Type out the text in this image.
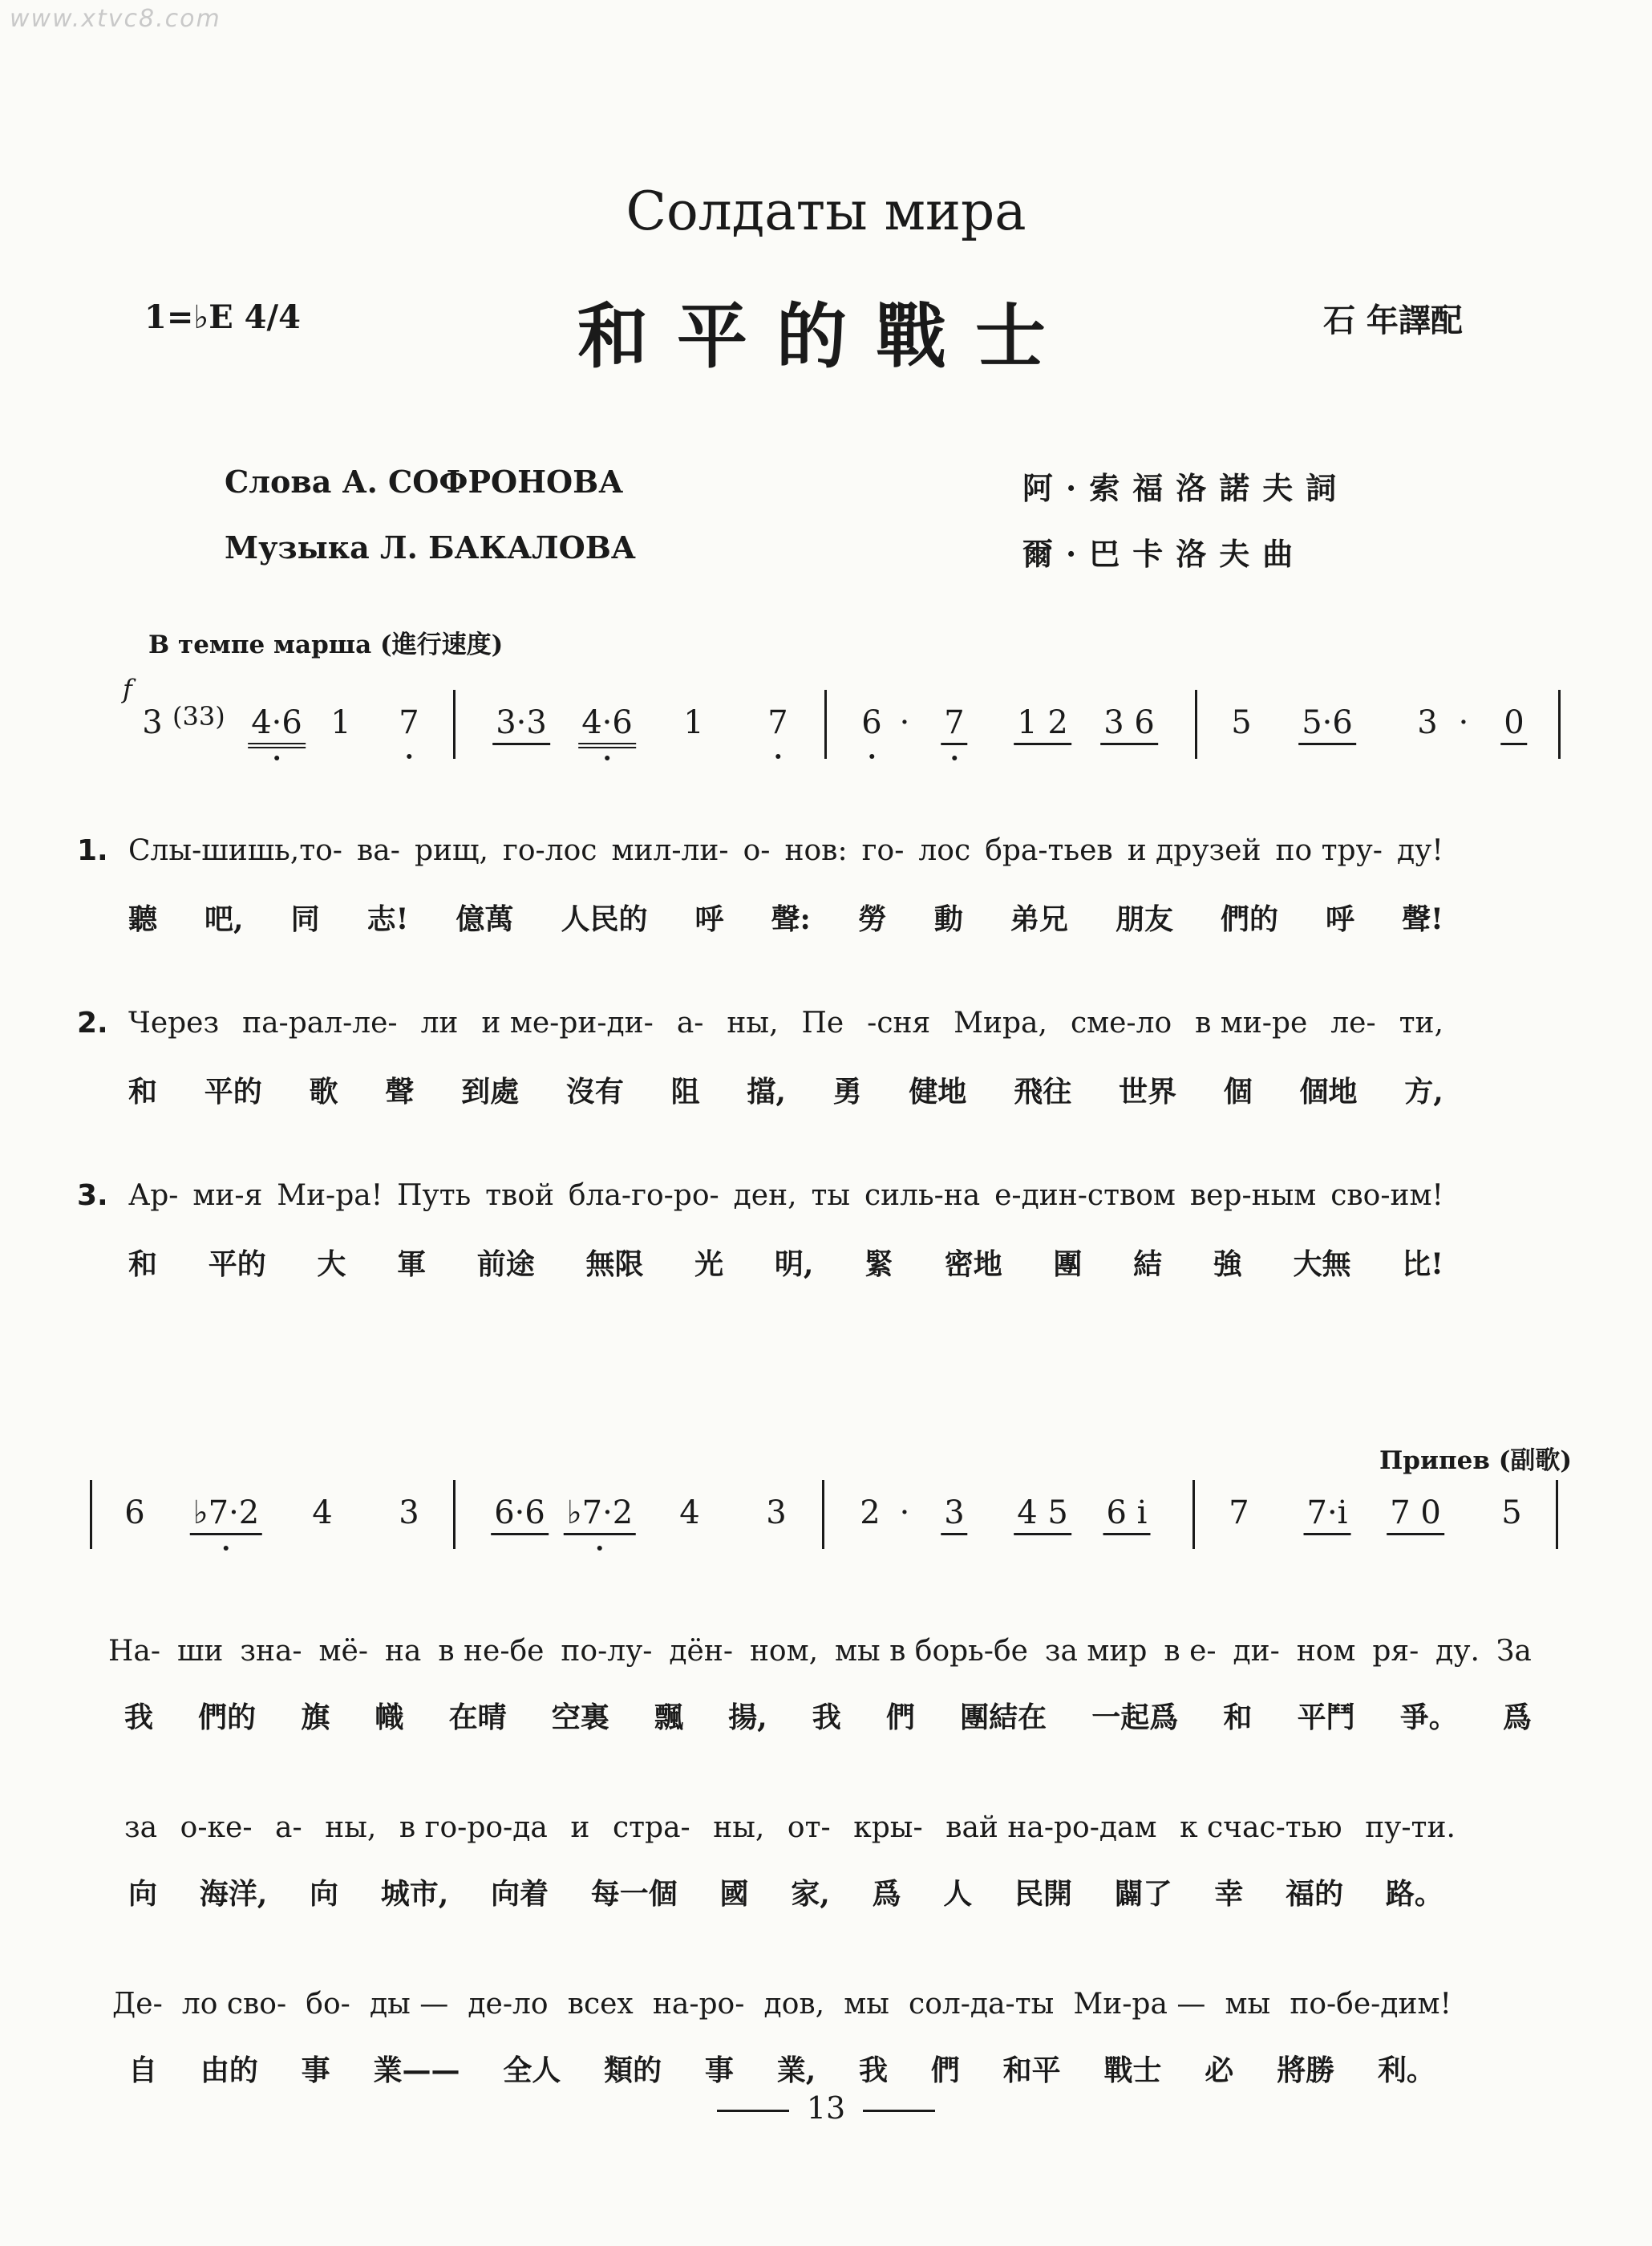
www.xtvc8.com
Солдаты мира
和平的戰士
1=♭E 4/4	石 年譯配
Слова А. СОФРОНОВА
Музыка Л. БАКАЛОВА
阿·索福洛諾夫詞
爾·巴卡洛夫曲
В темпе марша (進行速度)
f
3 (33) 4·6 1 7 3·3 4·6 1 7 6 · 7 1 2 3 6 5 5·6 3 · 0
1. Слы-шишь,то- ва- рищ, го-лос мил-ли- о- нов: го- лос бра-тьев и друзей по тру- ду!
聽 吧, 同 志! 億萬 人民的 呼 聲: 勞 動 弟兄 朋友 們的 呼 聲!
2. Через па-рал-ле- ли и ме-ри-ди- а- ны, Пе -сня Мира, сме-ло в ми-ре ле- ти,
和 平的 歌 聲 到處 沒有 阻 擋, 勇 健地 飛往 世界 個 個地 方,
3. Ар- ми-я Ми-ра! Путь твой бла-го-ро- ден, ты силь-на е-дин-ством вер-ным сво-им!
和 平的 大 軍 前途 無限 光 明, 緊 密地 團 結 強 大無 比!
Припев (副歌)
6 ♭7·2 4 3 6·6 ♭7·2 4 3 2 · 3 4 5 6 i	7 7·i 7 0 5
На- ши зна- мё- на в не-бе по-лу- дён- ном, мы в борь-бе за мир в е- ди- ном ря- ду. За
我 們的 旗 幟 在晴 空裏 飄 揚, 我 們 團結在 一起爲 和 平鬥 爭。 爲
за о-ке- а- ны, в го-ро-да и стра- ны, от- кры- вай на-ро-дам к счас-тью пу-ти.
向 海洋, 向 城市, 向着 每一個 國 家, 爲 人 民開 闢了 幸 福的 路。
Де- ло сво- бо- ды — де-ло всех на-ро- дов, мы сол-да-ты Ми-ра — мы по-бе-дим!
自 由的 事 業—— 全人 類的 事 業, 我 們 和平 戰士 必 將勝 利。
13
